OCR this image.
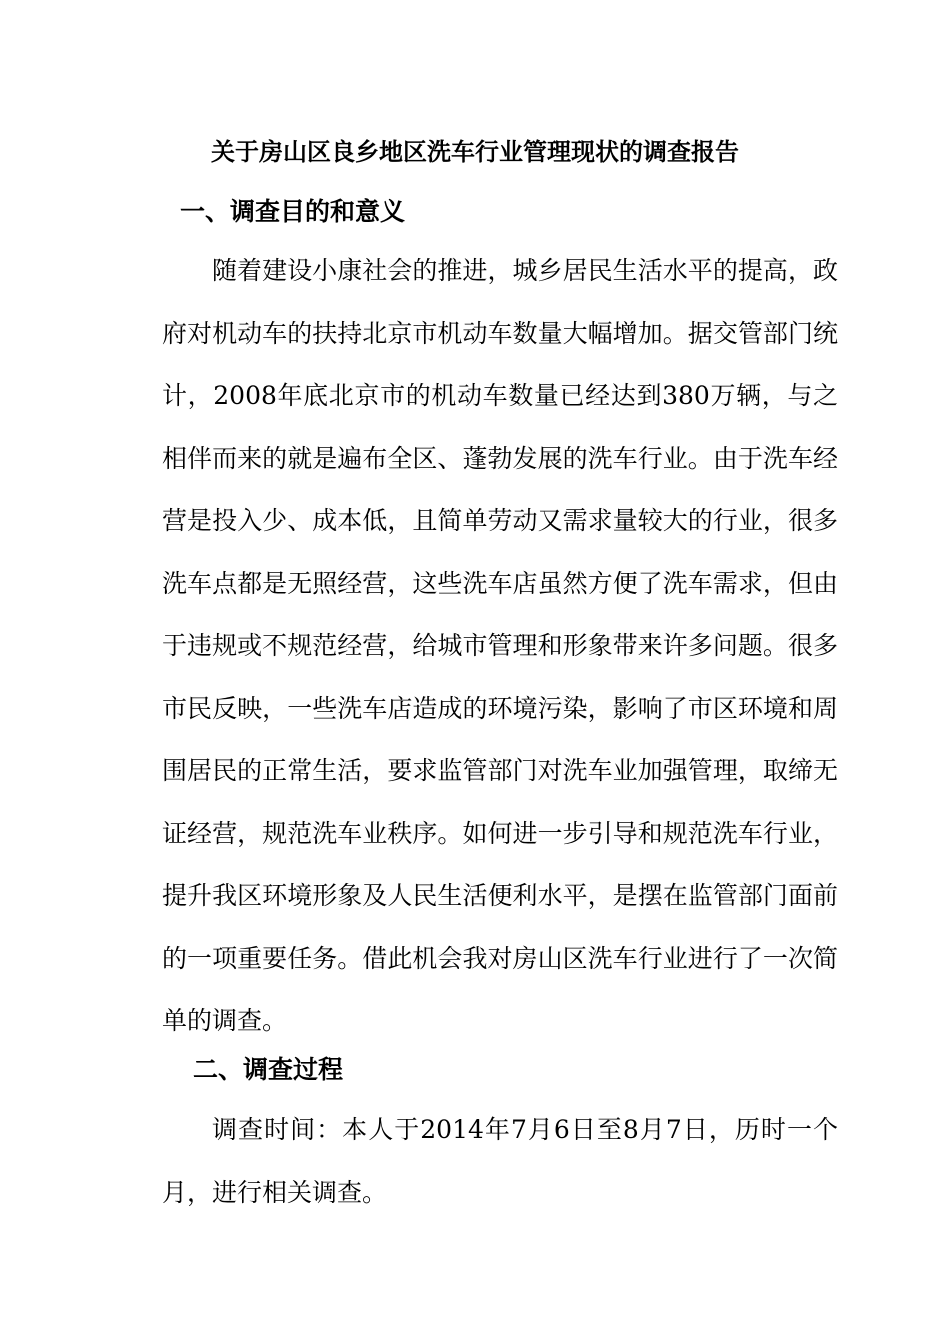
关于房山区良乡地区洗车行业管理现状的调查报告
一、调查目的和意义

随着建设小康社会的推进，城乡居民生活水平的提高，政府对机动车的扶持北京市机动车数量大幅增加。据交管部门统计，2008年底北京市的机动车数量已经达到380万辆，与之相伴而来的就是遍布全区、蓬勃发展的洗车行业。由于洗车经营是投入少、成本低，且简单劳动又需求量较大的行业，很多洗车点都是无照经营，这些洗车店虽然方便了洗车需求，但由于违规或不规范经营，给城市管理和形象带来许多问题。很多市民反映，一些洗车店造成的环境污染，影响了市区环境和周围居民的正常生活，要求监管部门对洗车业加强管理，取缔无证经营，规范洗车业秩序。如何进一步引导和规范洗车行业，提升我区环境形象及人民生活便利水平，是摆在监管部门面前的一项重要任务。借此机会我对房山区洗车行业进行了一次简单的调查。

二、调查过程

调查时间：本人于2014年7月6日至8月7日，历时一个月，进行相关调查。
